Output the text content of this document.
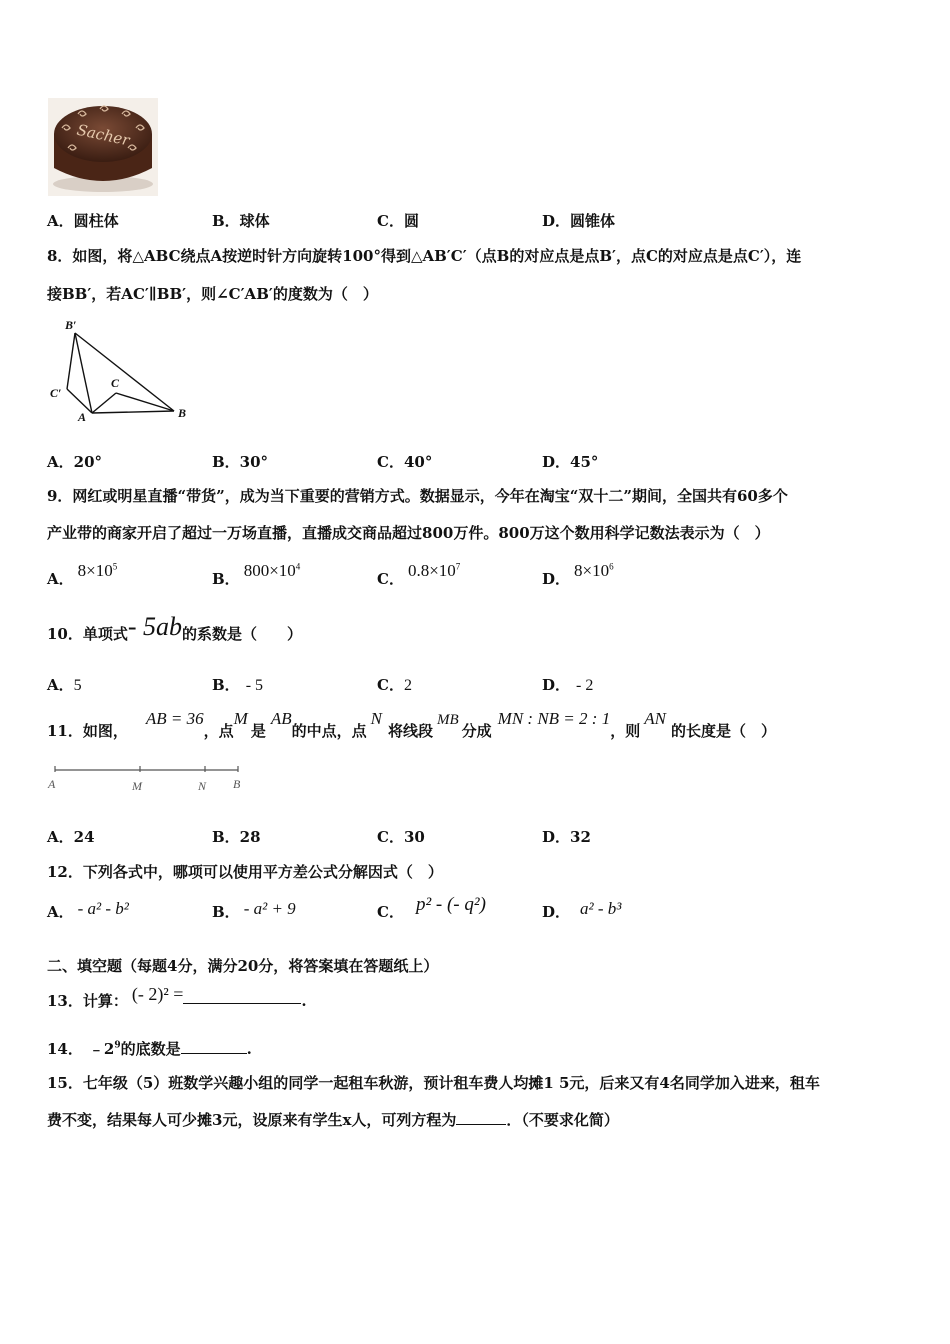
Sacher
A．圆柱体	B．球体	C．圆	D．圆锥体
8．如图，将△ABC绕点A按逆时针方向旋转100°得到△AB′C′（点B的对应点是点B′，点C的对应点是点C′），连
接BB′，若AC′∥BB′，则∠C′AB′的度数为（　）
B′
C′
A
C
B
A．20°	B．30°	C．40°	D．45°
9．网红或明星直播“带货”，成为当下重要的营销方式。数据显示，今年在淘宝“双十二”期间，全国共有60多个
产业带的商家开启了超过一万场直播，直播成交商品超过800万件。800万这个数用科学记数法表示为（　）
A． $8\times 10^5$
B． $800\times 10^4$
C． $0.8\times 10^7$
D． $8\times 10^6$
10．单项式- 5ab的系数是（　　）
A．5	B． - 5	C．2	D． - 2
11．如图，AB = 36，点M是AB的中点，点N将线段MB分成MN : NB = 2 : 1，则AN的长度是（　）
A	M	N B
A．24	B．28	C．30	D．32
12．下列各式中，哪项可以使用平方差公式分解因式（　）
A． - a² - b²	B． - a² + 9	C． p² - (- q²)	D． a² - b³
二、填空题（每题4分，满分20分，将答案填在答题纸上）
13．计算： (- 2)² =	.
14． $﹣2^9$的底数是	.
15．七年级（5）班数学兴趣小组的同学一起租车秋游，预计租车费人均摊1 5元，后来又有4名同学加入进来，租车
费不变，结果每人可少摊3元，设原来有学生x人，可列方程为	．（不要求化简）
